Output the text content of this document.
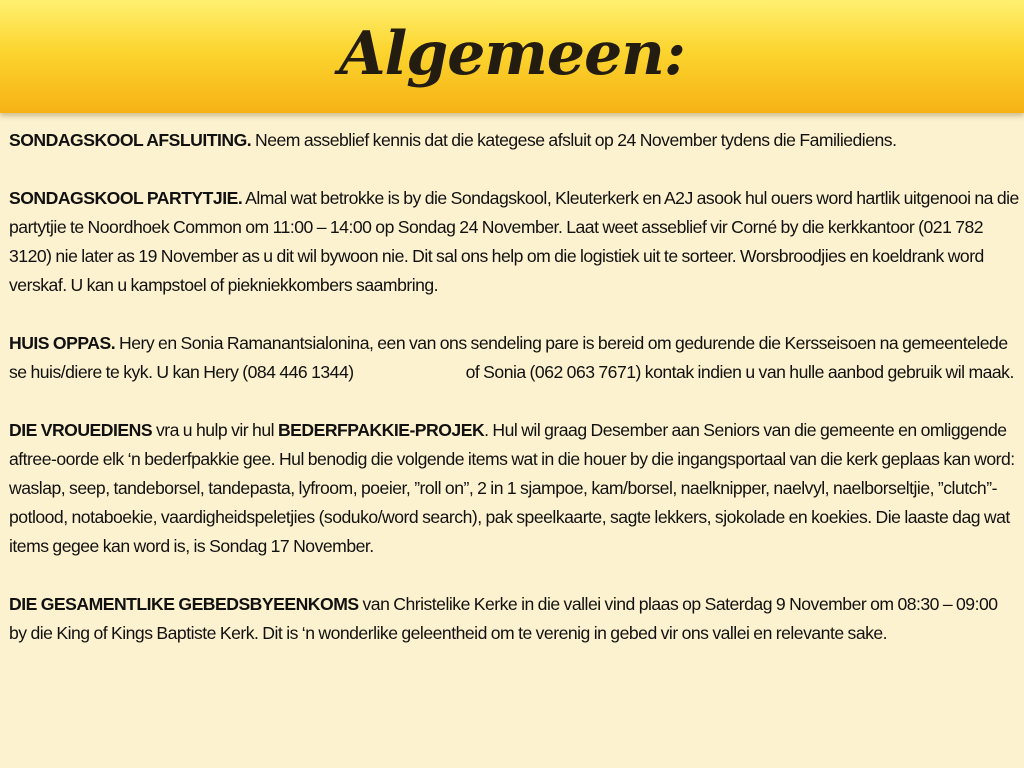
Algemeen:

SONDAGSKOOL AFSLUITING. Neem asseblief kennis dat die kategese afsluit op 24 November tydens die Familiediens.

SONDAGSKOOL PARTYTJIE. Almal wat betrokke is by die Sondagskool, Kleuterkerk en A2J asook hul ouers word hartlik uitgenooi na die partytjie te Noordhoek Common om 11:00 – 14:00 op Sondag 24 November. Laat weet asseblief vir Corné by die kerkkantoor (021 782 3120) nie later as 19 November as u dit wil bywoon nie. Dit sal ons help om die logistiek uit te sorteer. Worsbroodjies en koeldrank word verskaf. U kan u kampstoel of piekniekkombers saambring.

HUIS OPPAS. Hery en Sonia Ramanantsialonina, een van ons sendeling pare is bereid om gedurende die Kersseisoen na gemeentelede se huis/diere te kyk. U kan Hery (084 446 1344)	of Sonia (062 063 7671) kontak indien u van hulle aanbod gebruik wil maak.

DIE VROUEDIENS vra u hulp vir hul BEDERFPAKKIE-PROJEK. Hul wil graag Desember aan Seniors van die gemeente en omliggende aftree-oorde elk ‘n bederfpakkie gee. Hul benodig die volgende items wat in die houer by die ingangsportaal van die kerk geplaas kan word: waslap, seep, tandeborsel, tandepasta, lyfroom, poeier, ”roll on”, 2 in 1 sjampoe, kam/borsel, naelknipper, naelvyl, naelborseltjie, ”clutch”-potlood, notaboekie, vaardigheidspeletjies (soduko/word search), pak speelkaarte, sagte lekkers, sjokolade en koekies. Die laaste dag wat items gegee kan word is, is Sondag 17 November.

DIE GESAMENTLIKE GEBEDSBYEENKOMS van Christelike Kerke in die vallei vind plaas op Saterdag 9 November om 08:30 – 09:00 by die King of Kings Baptiste Kerk. Dit is ‘n wonderlike geleentheid om te verenig in gebed vir ons vallei en relevante sake.
